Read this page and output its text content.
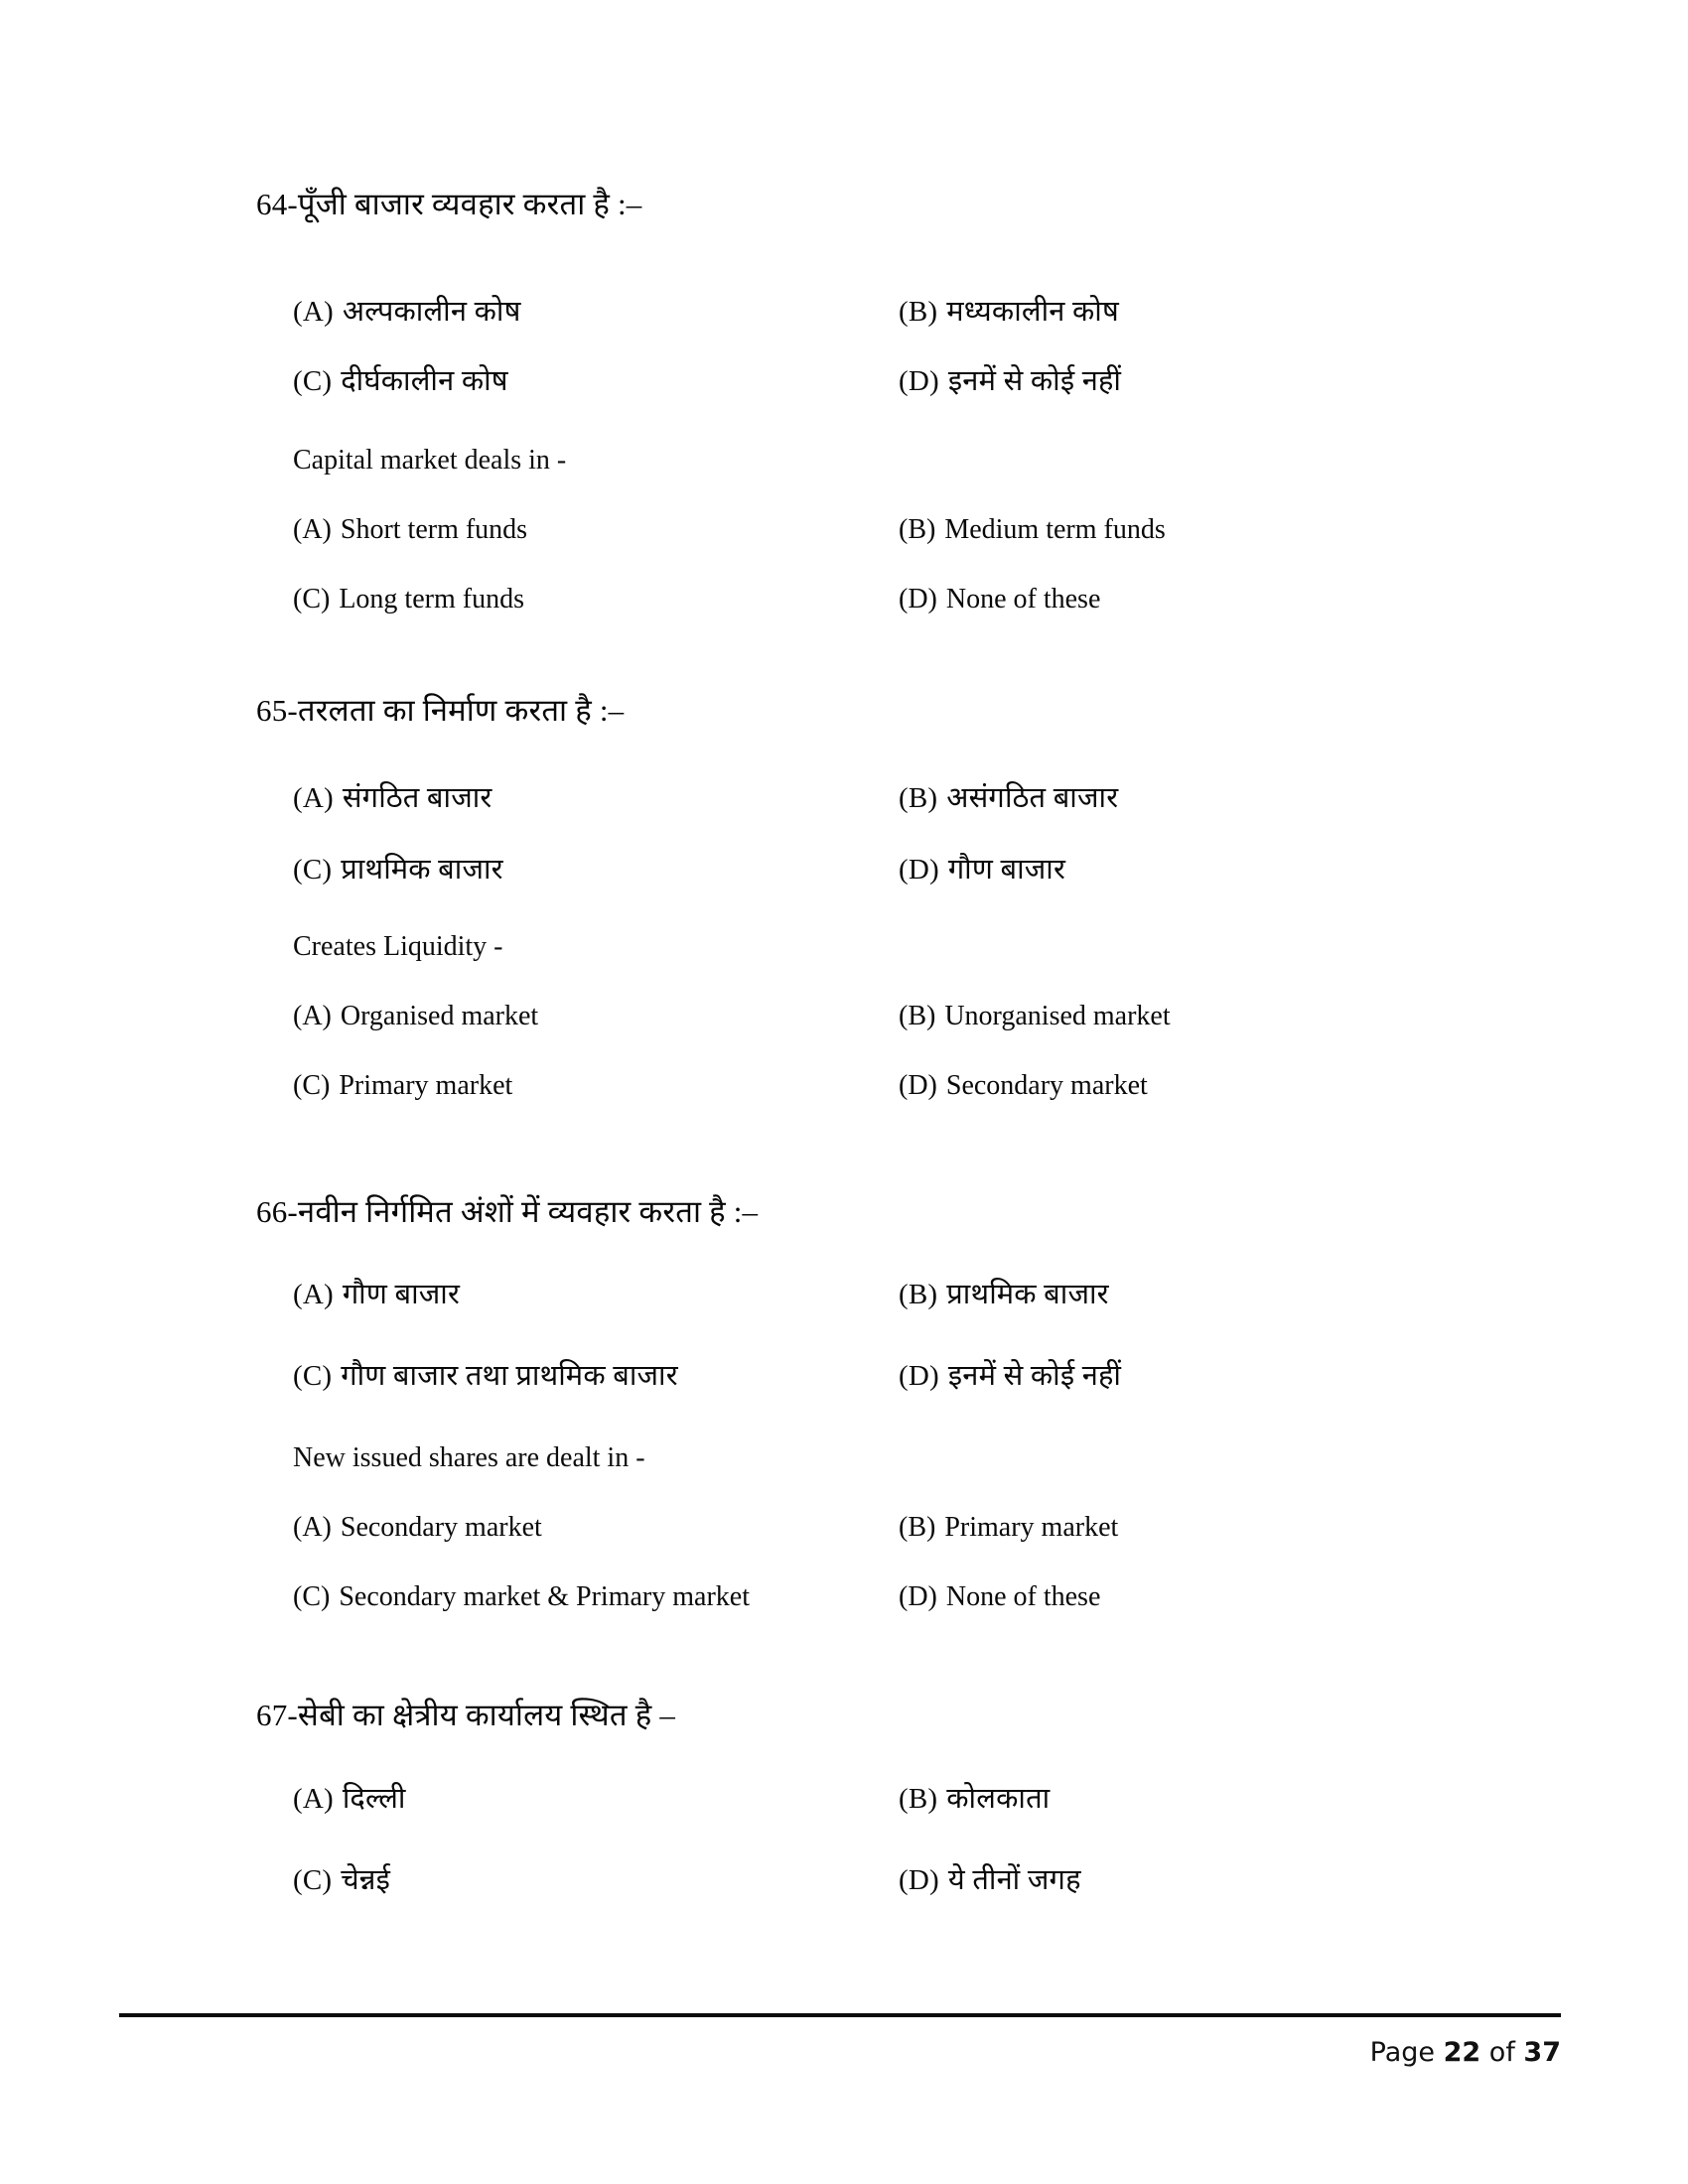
64-पूँजी बाजार व्यवहार करता है :–
(A) अल्पकालीन कोष	(B) मध्यकालीन कोष
(C) दीर्घकालीन कोष	(D) इनमें से कोई नहीं
Capital market deals in -
(A) Short term funds	(B) Medium term funds
(C) Long term funds	(D) None of these
65-तरलता का निर्माण करता है :–
(A) संगठित बाजार	(B) असंगठित बाजार
(C) प्राथमिक बाजार	(D) गौण बाजार
Creates Liquidity -
(A) Organised market	(B) Unorganised market
(C) Primary market	(D) Secondary market
66-नवीन निर्गमित अंशों में व्यवहार करता है :–
(A) गौण बाजार	(B) प्राथमिक बाजार
(C) गौण बाजार तथा प्राथमिक बाजार	(D) इनमें से कोई नहीं
New issued shares are dealt in -
(A) Secondary market	(B) Primary market
(C) Secondary market & Primary market	(D) None of these
67-सेबी का क्षेत्रीय कार्यालय स्थित है –
(A) दिल्ली	(B) कोलकाता
(C) चेन्नई	(D) ये तीनों जगह
Page 22 of 37
